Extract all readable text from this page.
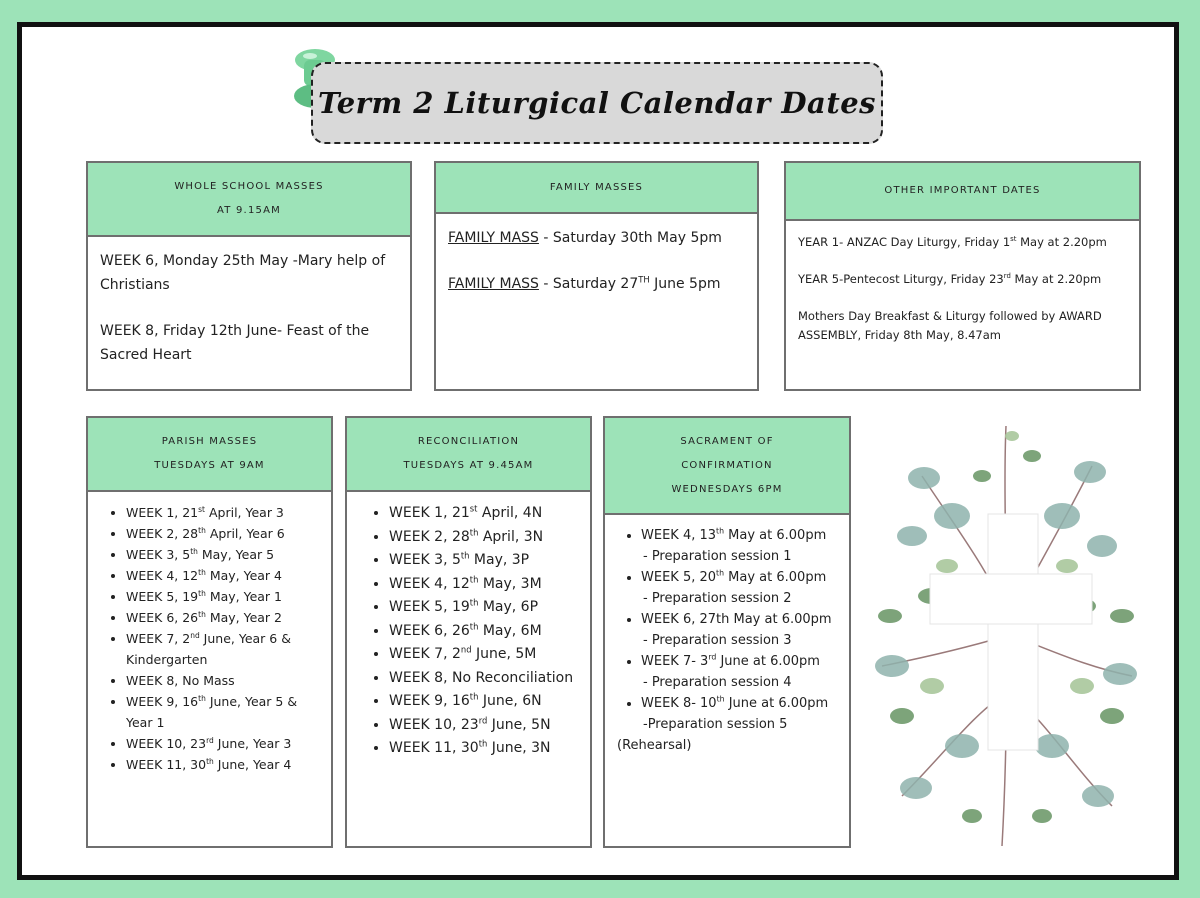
Term 2 Liturgical Calendar Dates
WHOLE SCHOOL MASSES
AT 9.15AM

WEEK 6, Monday 25th May -Mary help of Christians

WEEK 8, Friday 12th June- Feast of the Sacred Heart

FAMILY MASSES

FAMILY MASS - Saturday 30th May 5pm

FAMILY MASS - Saturday 27TH June 5pm

OTHER IMPORTANT DATES

YEAR 1- ANZAC Day Liturgy, Friday 1st May at 2.20pm

YEAR 5-Pentecost Liturgy, Friday 23rd May at 2.20pm

Mothers Day Breakfast & Liturgy followed by AWARD ASSEMBLY, Friday 8th May, 8.47am

PARISH MASSES
TUESDAYS AT 9AM
• WEEK 1, 21st April, Year 3
• WEEK 2, 28th April, Year 6
• WEEK 3, 5th May, Year 5
• WEEK 4, 12th May, Year 4
• WEEK 5, 19th May, Year 1
• WEEK 6, 26th May, Year 2
• WEEK 7, 2nd June, Year 6 & Kindergarten
• WEEK 8, No Mass
• WEEK 9, 16th June, Year 5 & Year 1
• WEEK 10, 23rd June, Year 3
• WEEK 11, 30th June, Year 4
RECONCILIATION
TUESDAYS AT 9.45AM
• WEEK 1, 21st April, 4N
• WEEK 2, 28th April, 3N
• WEEK 3, 5th May, 3P
• WEEK 4, 12th May, 3M
• WEEK 5, 19th May, 6P
• WEEK 6, 26th May, 6M
• WEEK 7, 2nd June, 5M
• WEEK 8, No Reconciliation
• WEEK 9, 16th June, 6N
• WEEK 10, 23rd June, 5N
• WEEK 11, 30th June, 3N
SACRAMENT OF
CONFIRMATION
WEDNESDAYS 6PM
• WEEK 4, 13th May at 6.00pm
- Preparation session 1
• WEEK 5, 20th May at 6.00pm
- Preparation session 2
• WEEK 6, 27th May at 6.00pm
- Preparation session 3
• WEEK 7- 3rd June at 6.00pm
- Preparation session 4
• WEEK 8- 10th June at 6.00pm
-Preparation session 5
(Rehearsal)
